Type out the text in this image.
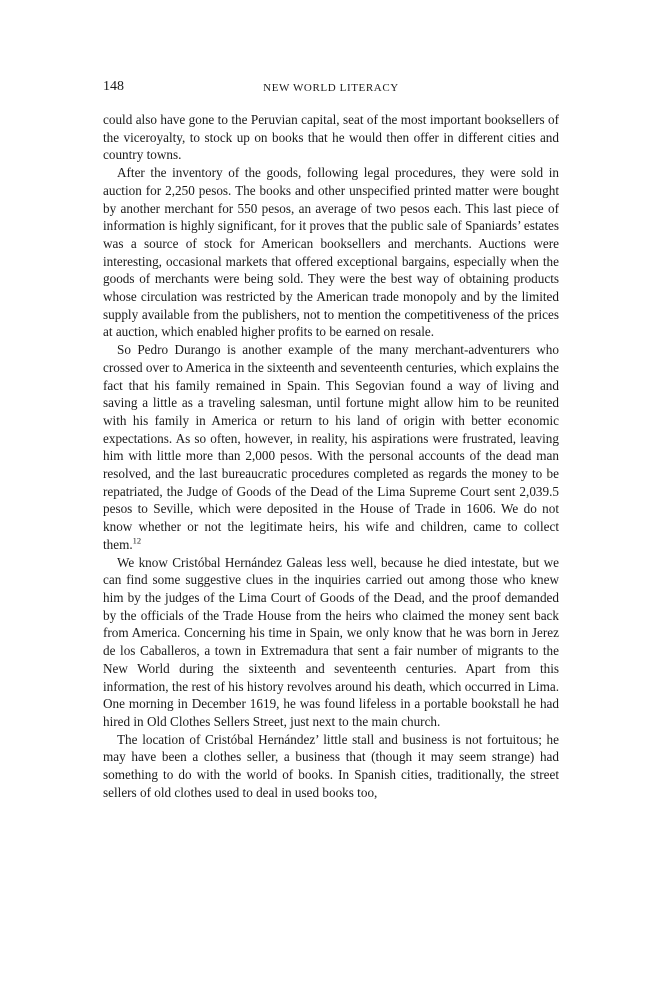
148	NEW WORLD LITERACY

could also have gone to the Peruvian capital, seat of the most important booksellers of the viceroyalty, to stock up on books that he would then offer in different cities and country towns.

After the inventory of the goods, following legal procedures, they were sold in auction for 2,250 pesos. The books and other unspecified printed matter were bought by another merchant for 550 pesos, an average of two pesos each. This last piece of information is highly significant, for it proves that the public sale of Spaniards’ estates was a source of stock for American booksellers and merchants. Auctions were interesting, occasional markets that offered exceptional bargains, especially when the goods of merchants were being sold. They were the best way of obtaining products whose circulation was restricted by the American trade monopoly and by the limited supply available from the publishers, not to mention the competitiveness of the prices at auction, which enabled higher profits to be earned on resale.

So Pedro Durango is another example of the many merchant-adventurers who crossed over to America in the sixteenth and seventeenth centuries, which explains the fact that his family remained in Spain. This Segovian found a way of living and saving a little as a traveling salesman, until fortune might allow him to be reunited with his family in America or return to his land of origin with better economic expectations. As so often, however, in reality, his aspirations were frustrated, leaving him with little more than 2,000 pesos. With the personal accounts of the dead man resolved, and the last bureaucratic procedures completed as regards the money to be repatriated, the Judge of Goods of the Dead of the Lima Supreme Court sent 2,039.5 pesos to Seville, which were deposited in the House of Trade in 1606. We do not know whether or not the legitimate heirs, his wife and children, came to collect them.$^{12}$

We know Cristóbal Hernández Galeas less well, because he died intestate, but we can find some suggestive clues in the inquiries carried out among those who knew him by the judges of the Lima Court of Goods of the Dead, and the proof demanded by the officials of the Trade House from the heirs who claimed the money sent back from America. Concerning his time in Spain, we only know that he was born in Jerez de los Caballeros, a town in Extremadura that sent a fair number of migrants to the New World during the sixteenth and seventeenth centuries. Apart from this information, the rest of his history revolves around his death, which occurred in Lima. One morning in December 1619, he was found lifeless in a portable bookstall he had hired in Old Clothes Sellers Street, just next to the main church.

The location of Cristóbal Hernández’ little stall and business is not fortuitous; he may have been a clothes seller, a business that (though it may seem strange) had something to do with the world of books. In Spanish cities, traditionally, the street sellers of old clothes used to deal in used books too,
